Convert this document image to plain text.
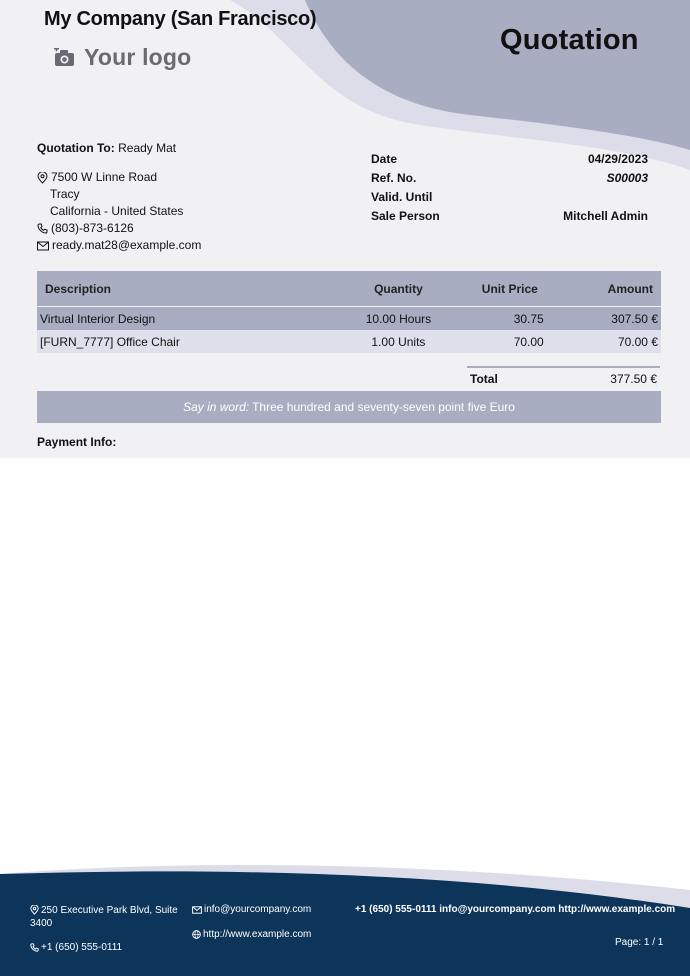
My Company (San Francisco)
Your logo
Quotation
Quotation To: Ready Mat
7500 W Linne Road
Tracy
California - United States
(803)-873-6126
ready.mat28@example.com
Date	04/29/2023
Ref. No.	S00003
Valid. Until
Sale Person	Mitchell Admin
Description	Quantity	Unit Price	Amount
Virtual Interior Design	10.00 Hours	30.75	307.50 €
[FURN_7777] Office Chair	1.00 Units	70.00	70.00 €
Total	377.50 €
Say in word: Three hundred and seventy-seven point five Euro
Payment Info:
250 Executive Park Blvd, Suite 3400
+1 (650) 555-0111
info@yourcompany.com
http://www.example.com
+1 (650) 555-0111 info@yourcompany.com http://www.example.com
Page: 1 / 1
